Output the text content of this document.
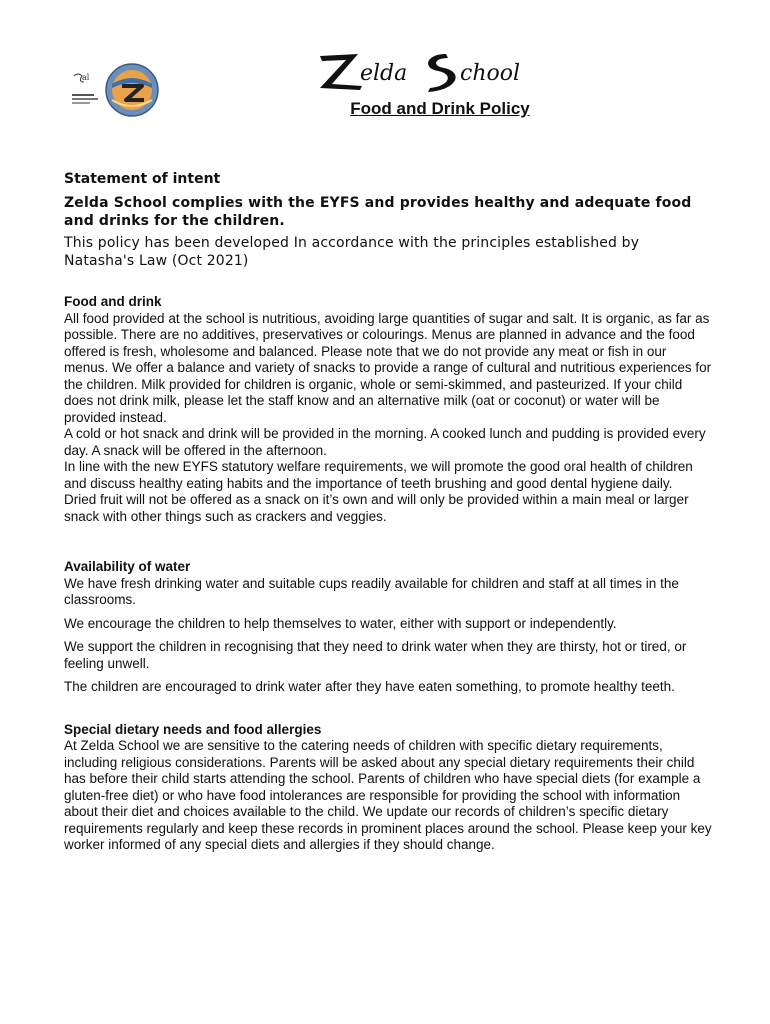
al	elda chool
Food and Drink Policy

Statement of intent

Zelda School complies with the EYFS and provides healthy and adequate food and drinks for the children.

This policy has been developed In accordance with the principles established by Natasha's Law (Oct 2021)

Food and drink

All food provided at the school is nutritious, avoiding large quantities of sugar and salt. It is organic, as far as possible. There are no additives, preservatives or colourings. Menus are planned in advance and the food offered is fresh, wholesome and balanced. Please note that we do not provide any meat or fish in our menus. We offer a balance and variety of snacks to provide a range of cultural and nutritious experiences for the children. Milk provided for children is organic, whole or semi-skimmed, and pasteurized. If your child does not drink milk, please let the staff know and an alternative milk (oat or coconut) or water will be provided instead.

A cold or hot snack and drink will be provided in the morning. A cooked lunch and pudding is provided every day. A snack will be offered in the afternoon.

In line with the new EYFS statutory welfare requirements, we will promote the good oral health of children and discuss healthy eating habits and the importance of teeth brushing and good dental hygiene daily.

Dried fruit will not be offered as a snack on it’s own and will only be provided within a main meal or larger snack with other things such as crackers and veggies.

Availability of water

We have fresh drinking water and suitable cups readily available for children and staff at all times in the classrooms.

We encourage the children to help themselves to water, either with support or independently.

We support the children in recognising that they need to drink water when they are thirsty, hot or tired, or feeling unwell.

The children are encouraged to drink water after they have eaten something, to promote healthy teeth.

Special dietary needs and food allergies

At Zelda School we are sensitive to the catering needs of children with specific dietary requirements, including religious considerations. Parents will be asked about any special dietary requirements their child has before their child starts attending the school. Parents of children who have special diets (for example a gluten-free diet) or who have food intolerances are responsible for providing the school with information about their diet and choices available to the child. We update our records of children’s specific dietary requirements regularly and keep these records in prominent places around the school. Please keep your key worker informed of any special diets and allergies if they should change.
